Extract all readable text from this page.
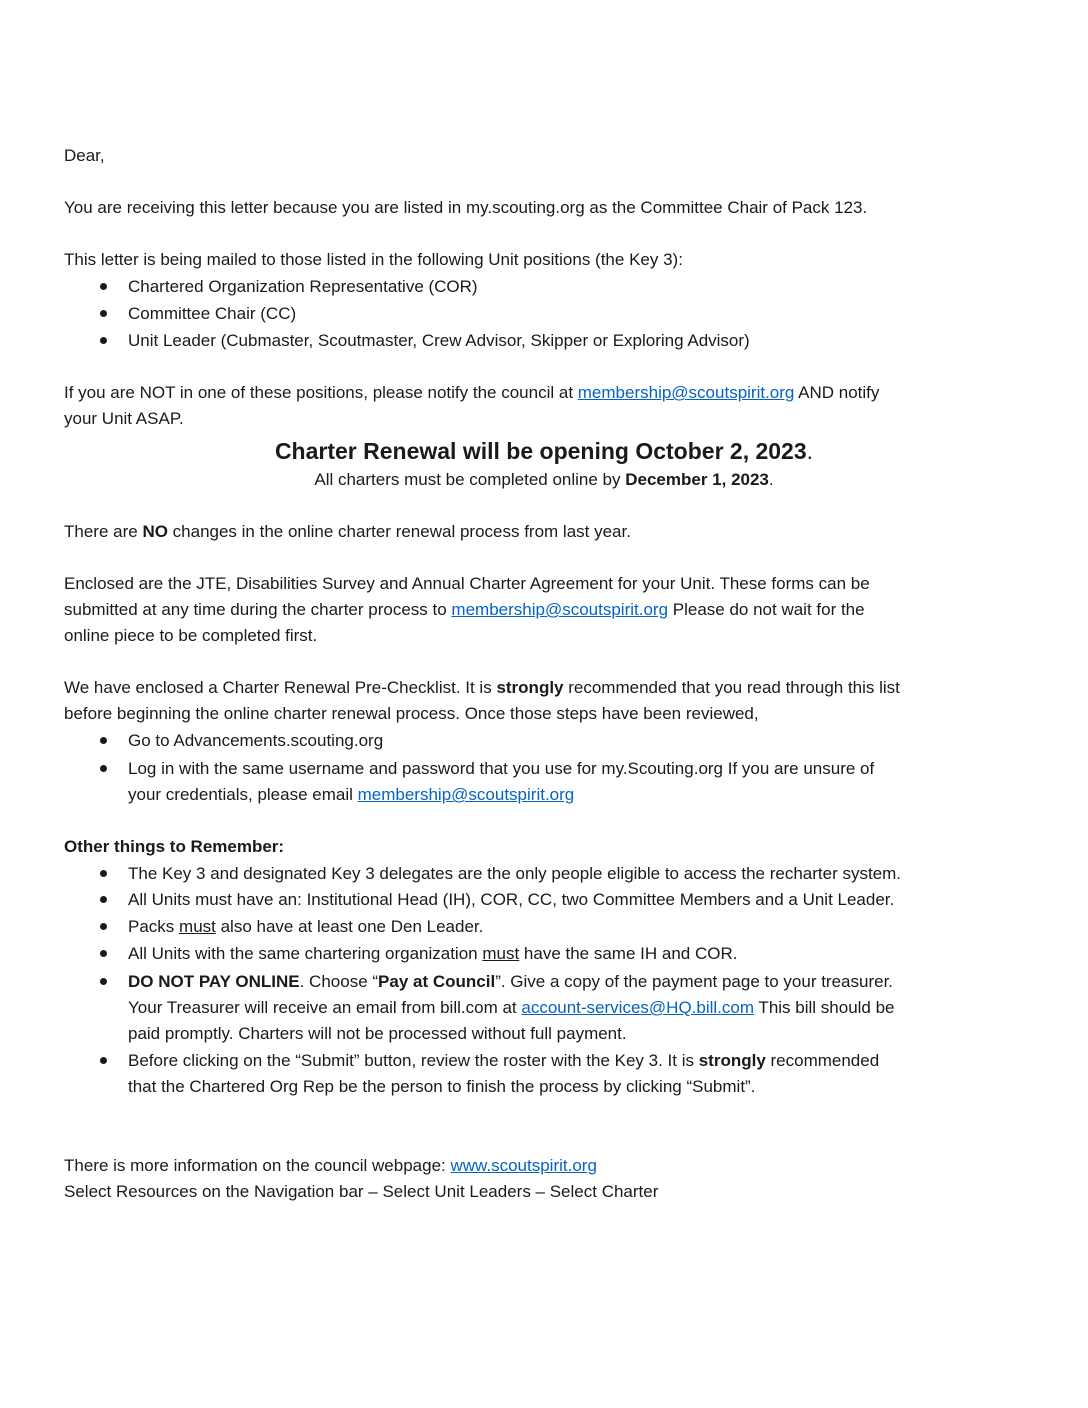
Dear,
You are receiving this letter because you are listed in my.scouting.org as the Committee Chair of Pack 123.
This letter is being mailed to those listed in the following Unit positions (the Key 3):
Chartered Organization Representative (COR)
Committee Chair (CC)
Unit Leader (Cubmaster, Scoutmaster, Crew Advisor, Skipper or Exploring Advisor)
If you are NOT in one of these positions, please notify the council at membership@scoutspirit.org AND notify
your Unit ASAP.
Charter Renewal will be opening October 2, 2023.
All charters must be completed online by December 1, 2023.
There are NO changes in the online charter renewal process from last year.
Enclosed are the JTE, Disabilities Survey and Annual Charter Agreement for your Unit. These forms can be
submitted at any time during the charter process to membership@scoutspirit.org Please do not wait for the
online piece to be completed first.
We have enclosed a Charter Renewal Pre-Checklist. It is strongly recommended that you read through this list
before beginning the online charter renewal process. Once those steps have been reviewed,
Go to Advancements.scouting.org
Log in with the same username and password that you use for my.Scouting.org If you are unsure of
your credentials, please email membership@scoutspirit.org
Other things to Remember:
The Key 3 and designated Key 3 delegates are the only people eligible to access the recharter system.
All Units must have an: Institutional Head (IH), COR, CC, two Committee Members and a Unit Leader.
Packs must also have at least one Den Leader.
All Units with the same chartering organization must have the same IH and COR.
DO NOT PAY ONLINE. Choose “Pay at Council”. Give a copy of the payment page to your treasurer.
Your Treasurer will receive an email from bill.com at account-services@HQ.bill.com This bill should be
paid promptly. Charters will not be processed without full payment.
Before clicking on the “Submit” button, review the roster with the Key 3. It is strongly recommended
that the Chartered Org Rep be the person to finish the process by clicking “Submit”.
There is more information on the council webpage: www.scoutspirit.org
Select Resources on the Navigation bar – Select Unit Leaders – Select Charter
